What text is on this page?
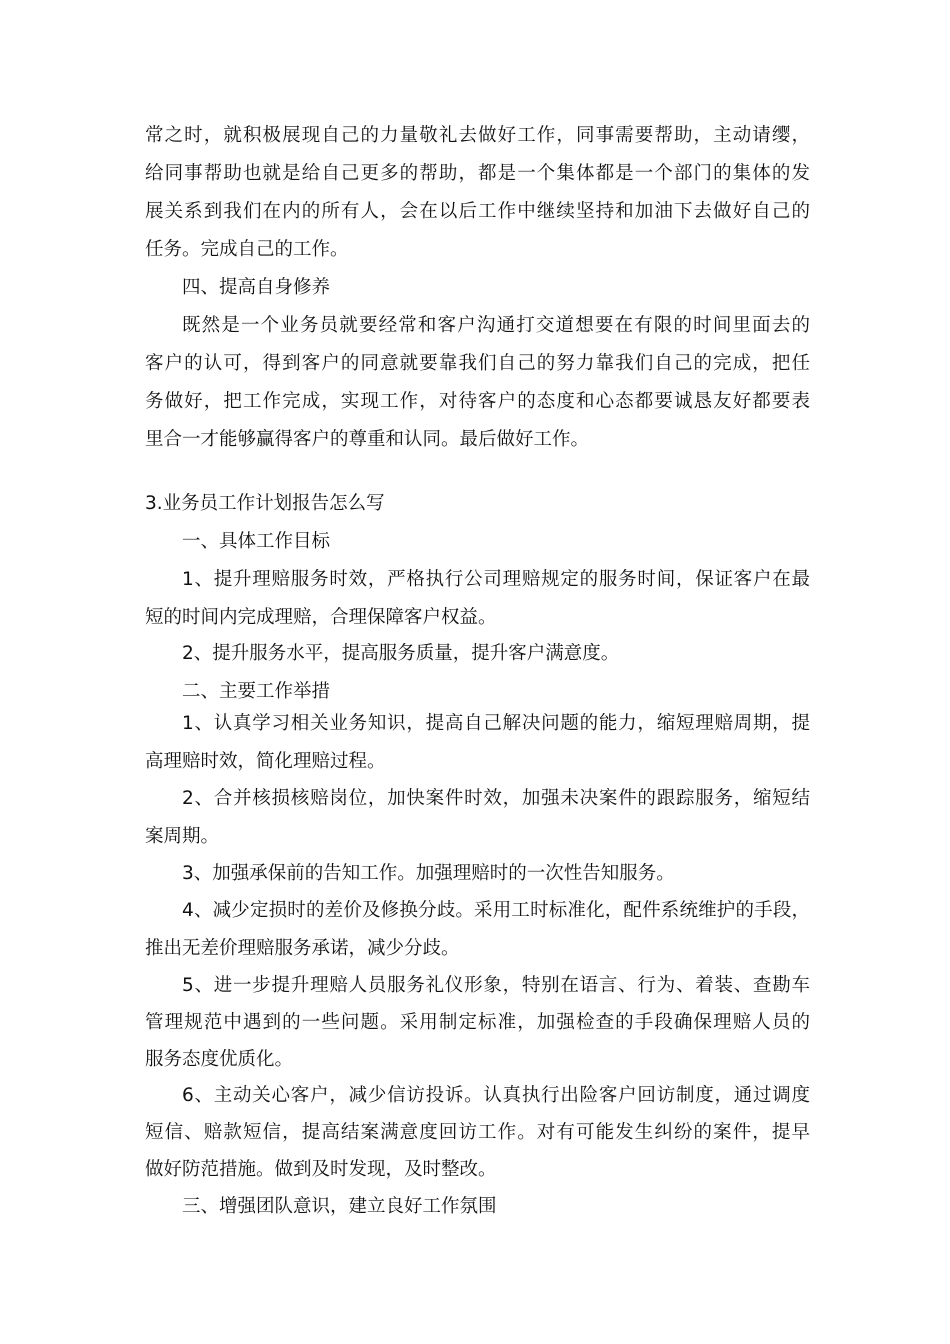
常之时，就积极展现自己的力量敬礼去做好工作，同事需要帮助，主动请缨，

给同事帮助也就是给自己更多的帮助，都是一个集体都是一个部门的集体的发

展关系到我们在内的所有人，会在以后工作中继续坚持和加油下去做好自己的

任务。完成自己的工作。

四、提高自身修养

既然是一个业务员就要经常和客户沟通打交道想要在有限的时间里面去的

客户的认可，得到客户的同意就要靠我们自己的努力靠我们自己的完成，把任

务做好，把工作完成，实现工作，对待客户的态度和心态都要诚恳友好都要表

里合一才能够赢得客户的尊重和认同。最后做好工作。

3.业务员工作计划报告怎么写

一、具体工作目标

1、提升理赔服务时效，严格执行公司理赔规定的服务时间，保证客户在最

短的时间内完成理赔，合理保障客户权益。

2、提升服务水平，提高服务质量，提升客户满意度。

二、主要工作举措

1、认真学习相关业务知识，提高自己解决问题的能力，缩短理赔周期，提

高理赔时效，简化理赔过程。

2、合并核损核赔岗位，加快案件时效，加强未决案件的跟踪服务，缩短结

案周期。

3、加强承保前的告知工作。加强理赔时的一次性告知服务。

4、减少定损时的差价及修换分歧。采用工时标准化，配件系统维护的手段，

推出无差价理赔服务承诺，减少分歧。

5、进一步提升理赔人员服务礼仪形象，特别在语言、行为、着装、查勘车

管理规范中遇到的一些问题。采用制定标准，加强检查的手段确保理赔人员的

服务态度优质化。

6、主动关心客户，减少信访投诉。认真执行出险客户回访制度，通过调度

短信、赔款短信，提高结案满意度回访工作。对有可能发生纠纷的案件，提早

做好防范措施。做到及时发现，及时整改。

三、增强团队意识，建立良好工作氛围
